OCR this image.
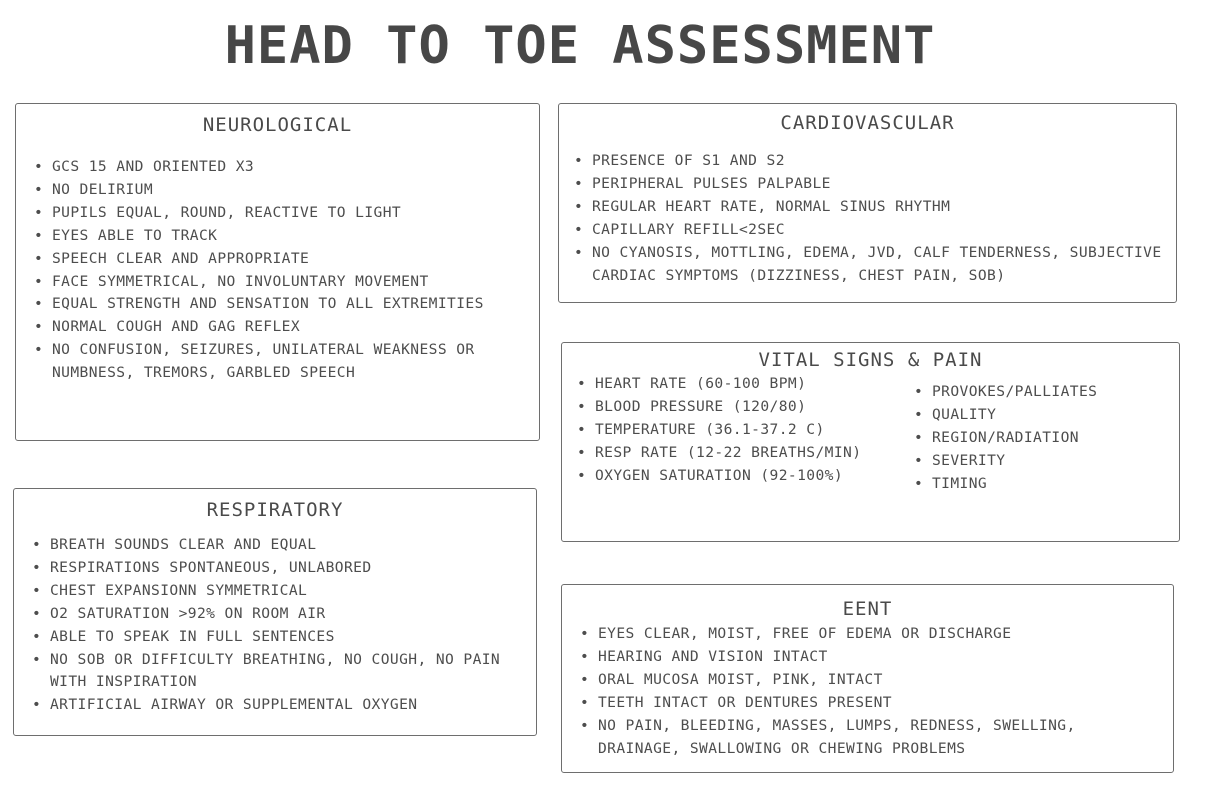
HEAD TO TOE ASSESSMENT
NEUROLOGICAL
• GCS 15 AND ORIENTED X3
• NO DELIRIUM
• PUPILS EQUAL, ROUND, REACTIVE TO LIGHT
• EYES ABLE TO TRACK
• SPEECH CLEAR AND APPROPRIATE
• FACE SYMMETRICAL, NO INVOLUNTARY MOVEMENT
• EQUAL STRENGTH AND SENSATION TO ALL EXTREMITIES
• NORMAL COUGH AND GAG REFLEX
• NO CONFUSION, SEIZURES, UNILATERAL WEAKNESS OR NUMBNESS, TREMORS, GARBLED SPEECH
CARDIOVASCULAR
• PRESENCE OF S1 AND S2
• PERIPHERAL PULSES PALPABLE
• REGULAR HEART RATE, NORMAL SINUS RHYTHM
• CAPILLARY REFILL<2SEC
• NO CYANOSIS, MOTTLING, EDEMA, JVD, CALF TENDERNESS, SUBJECTIVE CARDIAC SYMPTOMS (DIZZINESS, CHEST PAIN, SOB)
VITAL SIGNS & PAIN
• HEART RATE (60-100 BPM)
• BLOOD PRESSURE (120/80)
• TEMPERATURE (36.1-37.2 C)
• RESP RATE (12-22 BREATHS/MIN)
• OXYGEN SATURATION (92-100%)
• PROVOKES/PALLIATES
• QUALITY
• REGION/RADIATION
• SEVERITY
• TIMING
RESPIRATORY
• BREATH SOUNDS CLEAR AND EQUAL
• RESPIRATIONS SPONTANEOUS, UNLABORED
• CHEST EXPANSIONN SYMMETRICAL
• O2 SATURATION >92% ON ROOM AIR
• ABLE TO SPEAK IN FULL SENTENCES
• NO SOB OR DIFFICULTY BREATHING, NO COUGH, NO PAIN WITH INSPIRATION
• ARTIFICIAL AIRWAY OR SUPPLEMENTAL OXYGEN
EENT
• EYES CLEAR, MOIST, FREE OF EDEMA OR DISCHARGE
• HEARING AND VISION INTACT
• ORAL MUCOSA MOIST, PINK, INTACT
• TEETH INTACT OR DENTURES PRESENT
• NO PAIN, BLEEDING, MASSES, LUMPS, REDNESS, SWELLING, DRAINAGE, SWALLOWING OR CHEWING PROBLEMS
